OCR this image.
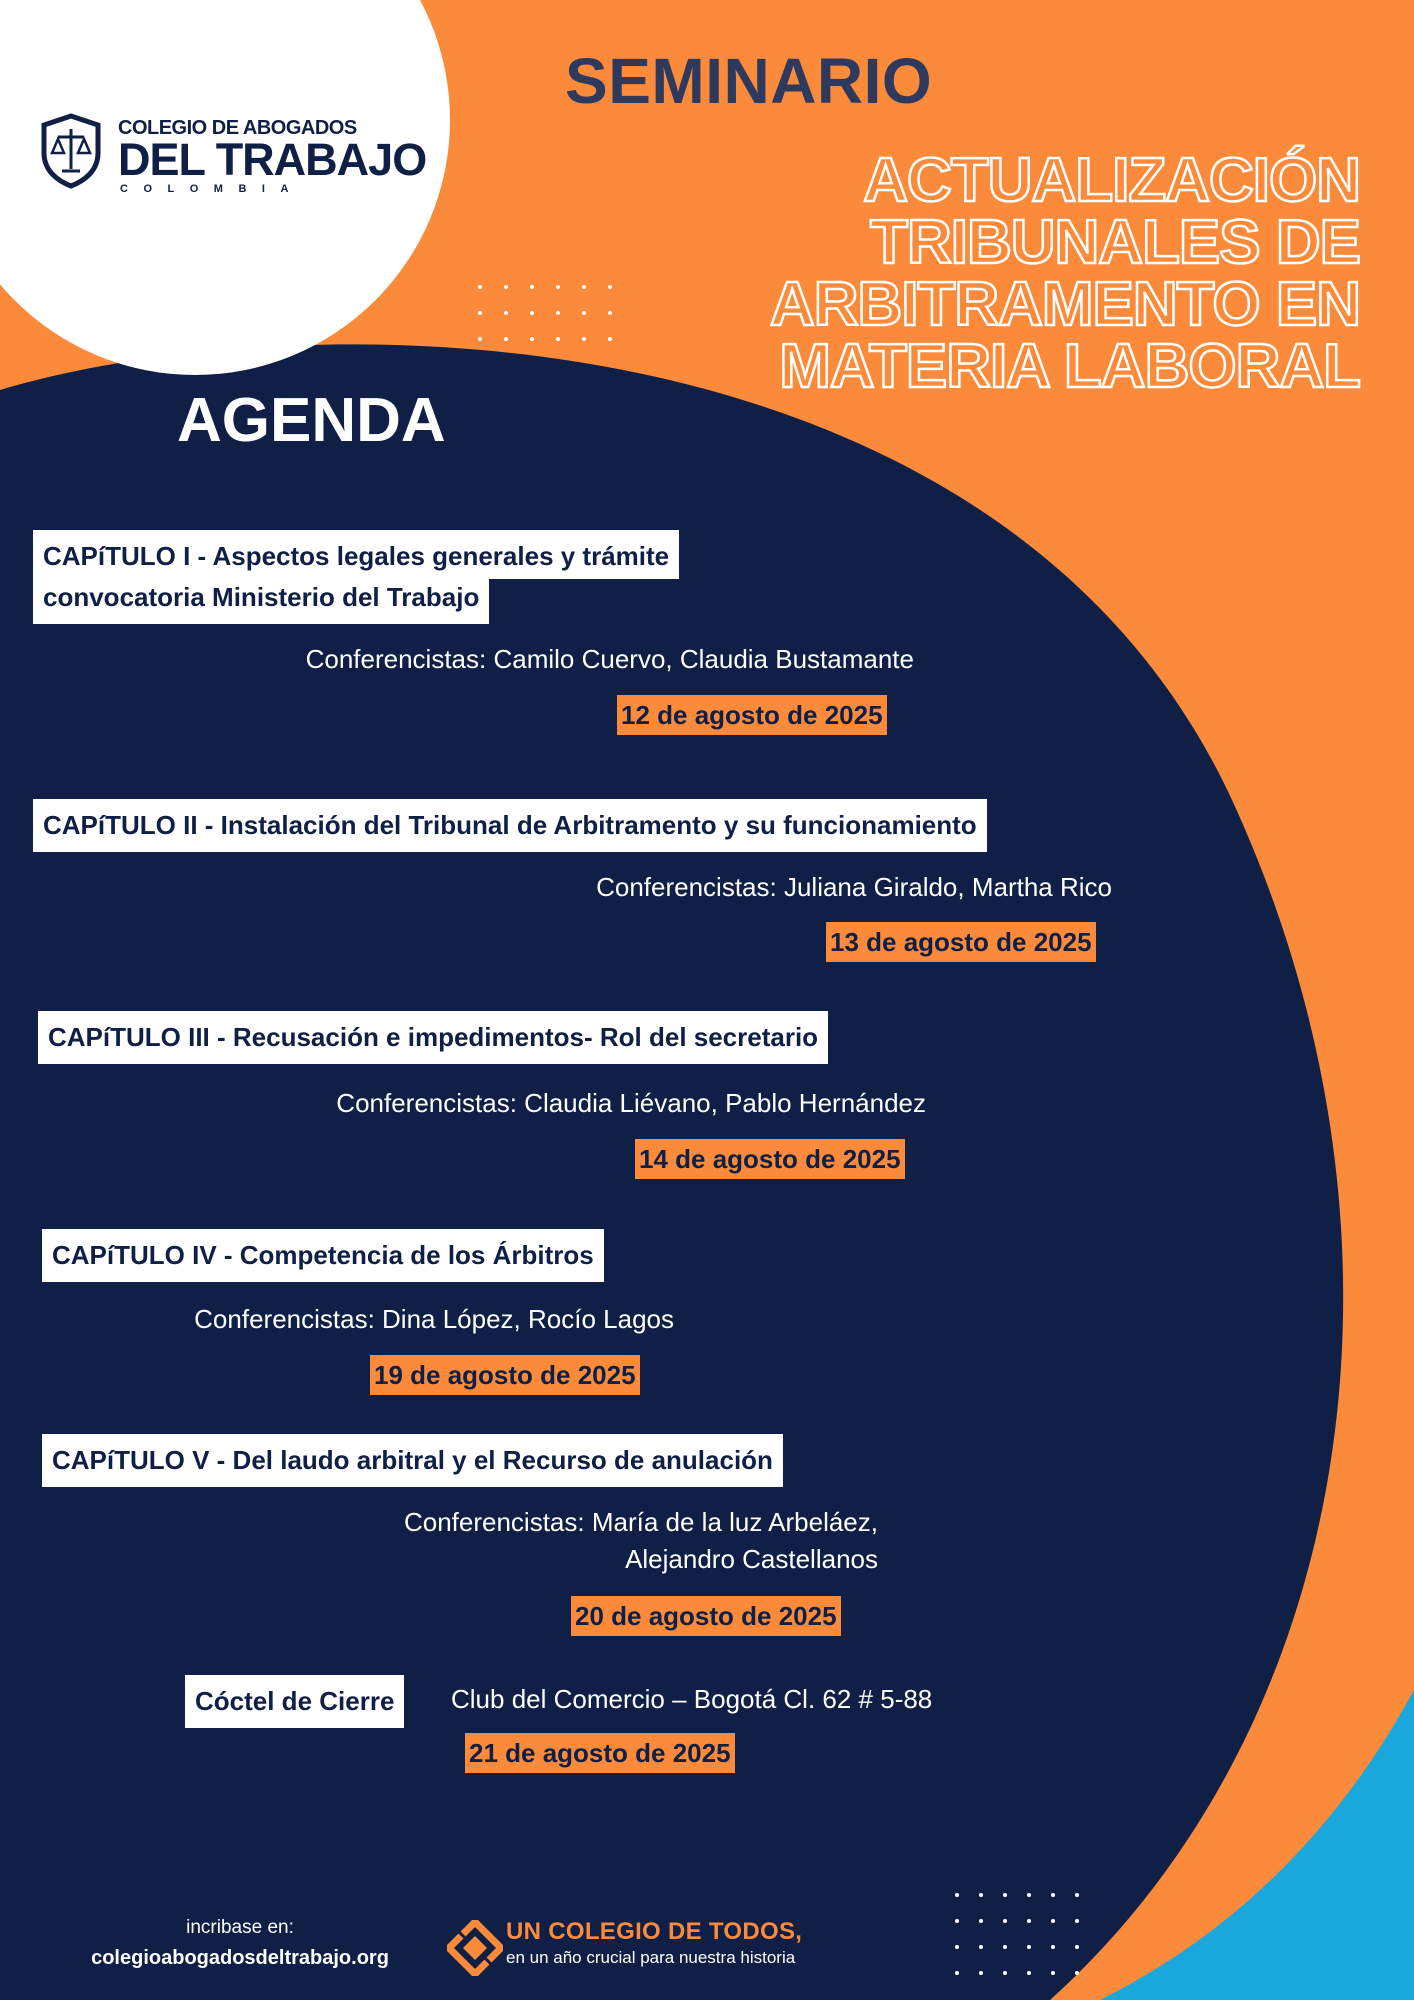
COLEGIO DE ABOGADOS
DEL TRABAJO
COLOMBIA
SEMINARIO
ACTUALIZACIÓN
TRIBUNALES DE
ARBITRAMENTO EN
MATERIA LABORAL
AGENDA
CAPíTULO I - Aspectos legales generales y trámite
convocatoria Ministerio del Trabajo
Conferencistas: Camilo Cuervo, Claudia Bustamante
12 de agosto de 2025
CAPíTULO II - Instalación del Tribunal de Arbitramento y su funcionamiento
Conferencistas: Juliana Giraldo, Martha Rico
13 de agosto de 2025
CAPíTULO III - Recusación e impedimentos- Rol del secretario
Conferencistas: Claudia Liévano, Pablo Hernández
14 de agosto de 2025
CAPíTULO IV - Competencia de los Árbitros
Conferencistas: Dina López, Rocío Lagos
19 de agosto de 2025
CAPíTULO V - Del laudo arbitral y el Recurso de anulación
Conferencistas: María de la luz Arbeláez,
Alejandro Castellanos
20 de agosto de 2025
Cóctel de Cierre	Club del Comercio – Bogotá Cl. 62 # 5-88
21 de agosto de 2025
incribase en:
colegioabogadosdeltrabajo.org
UN COLEGIO DE TODOS,
en un año crucial para nuestra historia
